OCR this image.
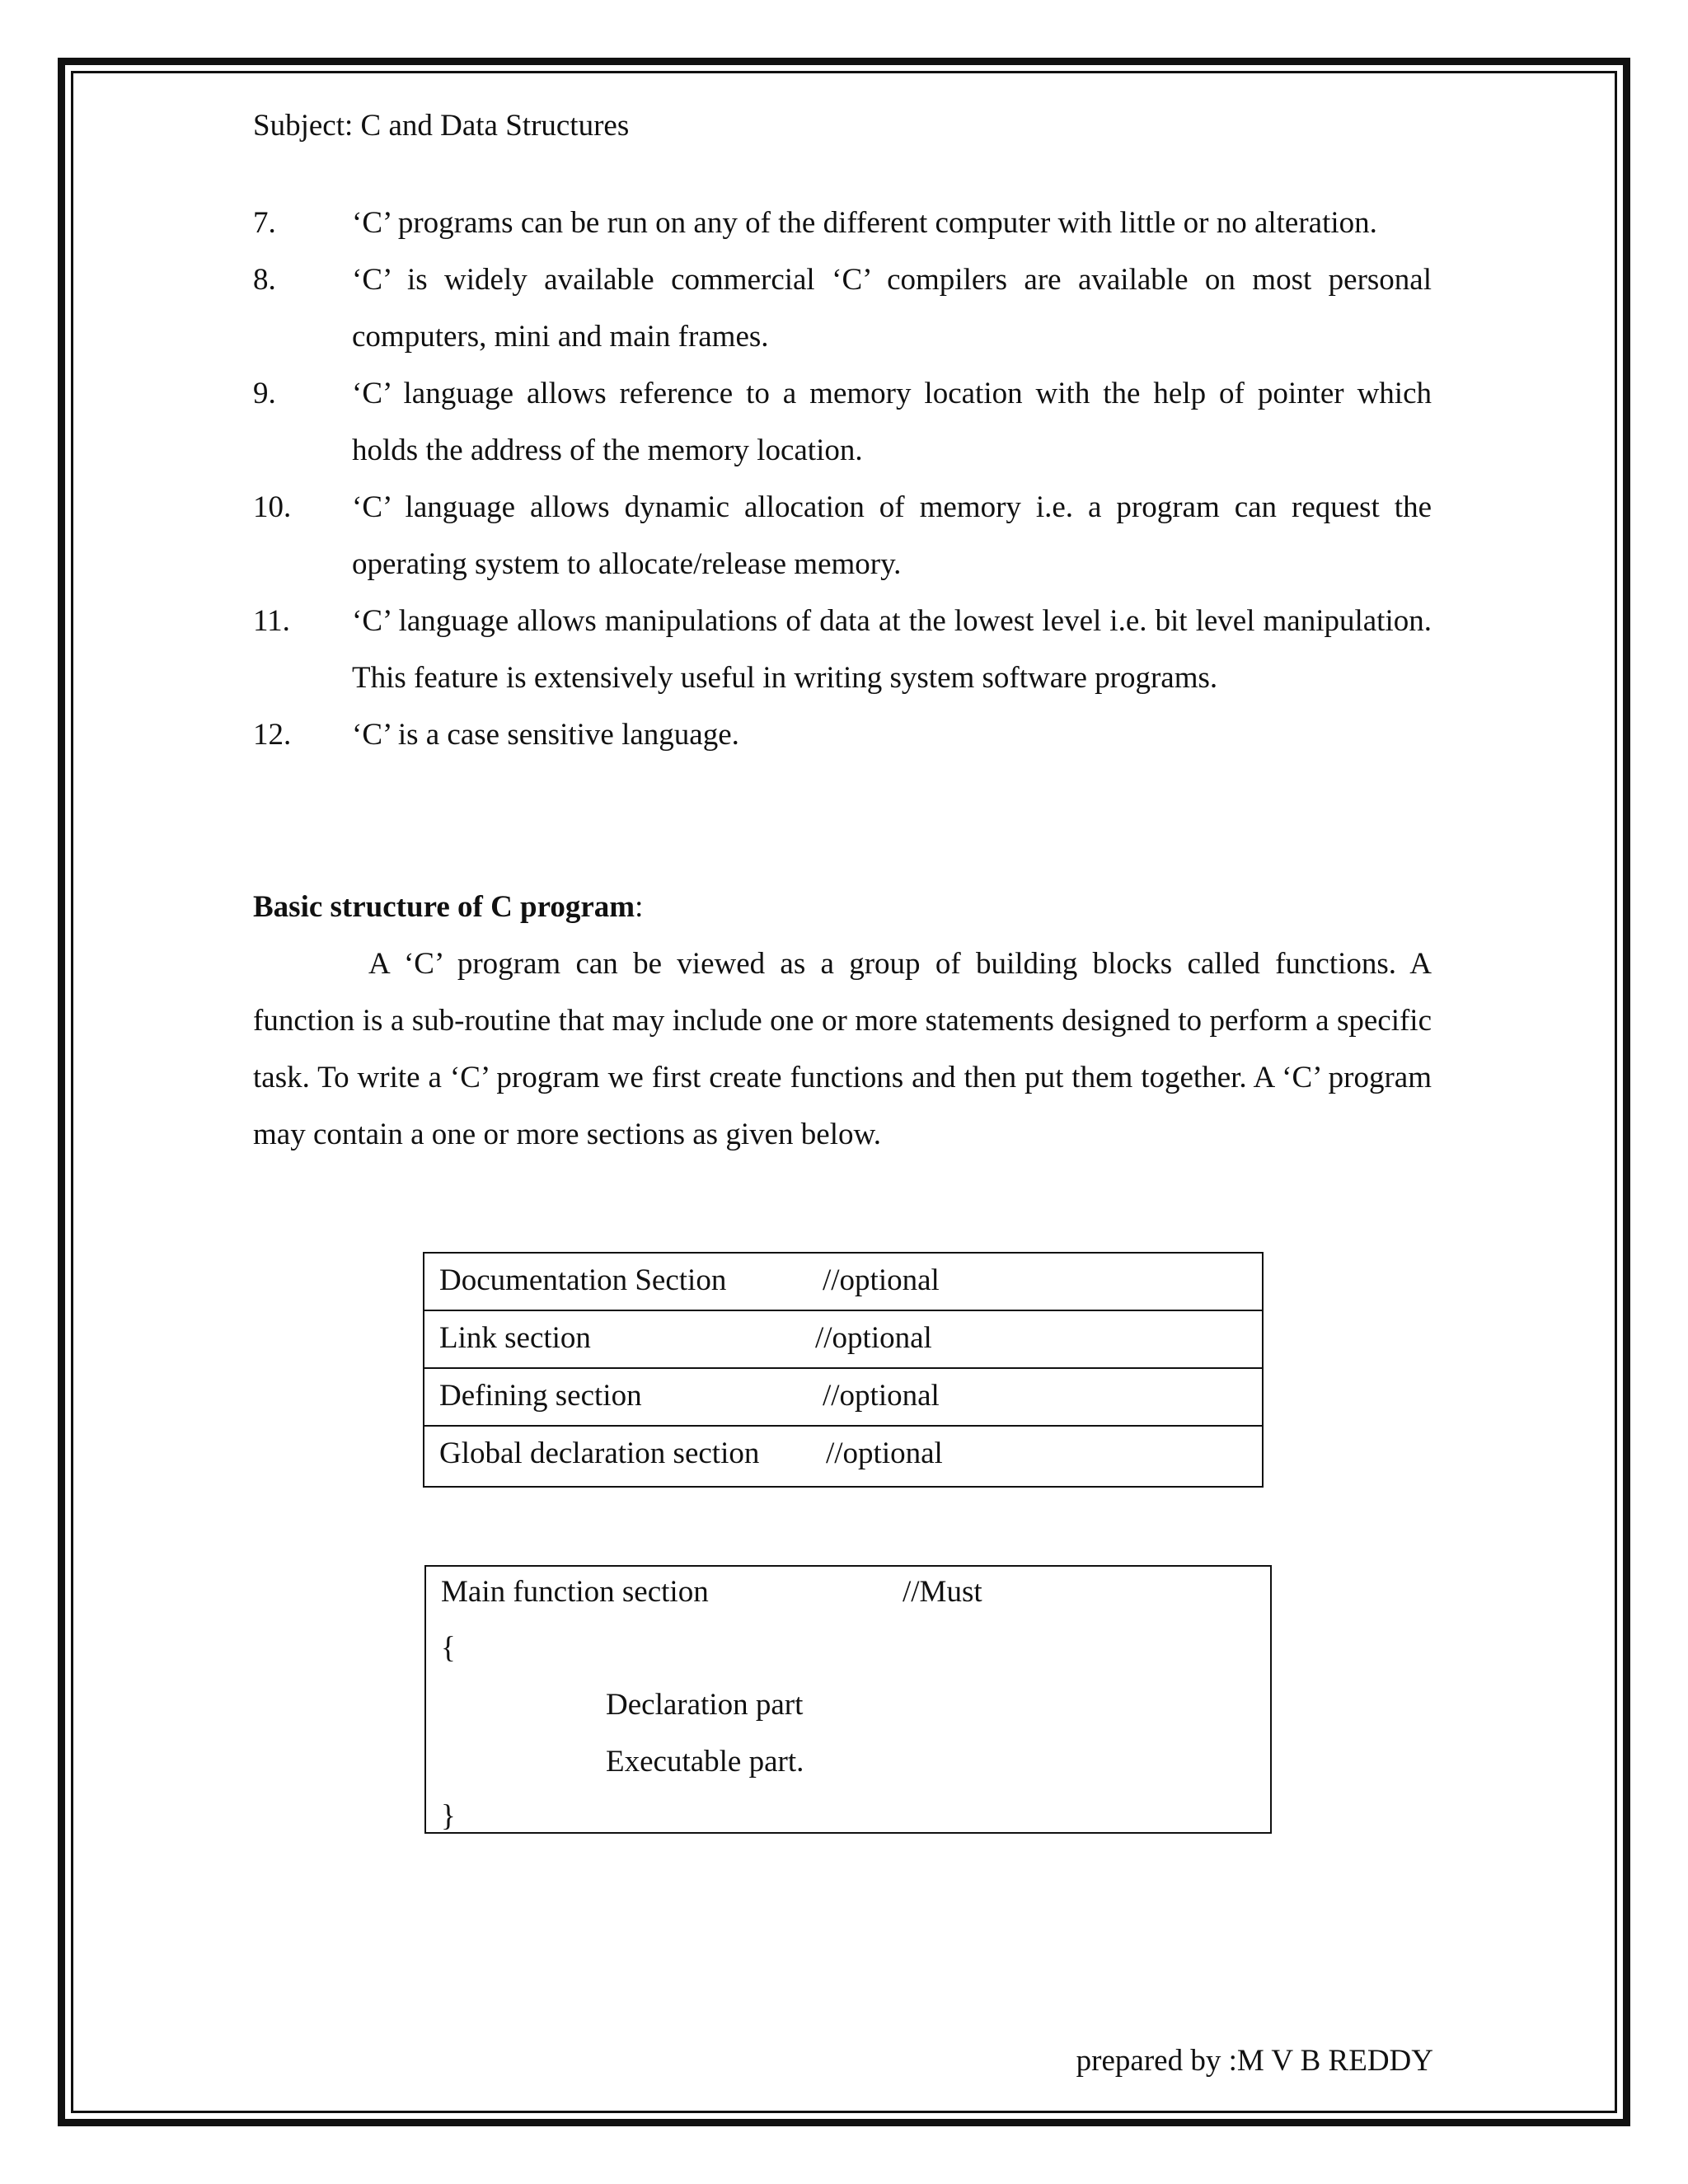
Subject: C and Data Structures
7.	‘C’ programs can be run on any of the different computer with little or no alteration.
8.	‘C’ is widely available commercial ‘C’ compilers are available on most personal computers, mini and main frames.
9.	‘C’ language allows reference to a memory location with the help of pointer which holds the address of the memory location.
10.	‘C’ language allows dynamic allocation of memory i.e. a program can request the operating system to allocate/release memory.
11.	‘C’ language allows manipulations of data at the lowest level i.e. bit level manipulation. This feature is extensively useful in writing system software programs.
12.	‘C’ is a case sensitive language.
Basic structure of C program:
A ‘C’ program can be viewed as a group of building blocks called functions. A function is a sub-routine that may include one or more statements designed to perform a specific task. To write a ‘C’ program we first create functions and then put them together. A ‘C’ program may contain a one or more sections as given below.
Documentation Section	//optional
Link section	//optional
Defining section	//optional
Global declaration section //optional
Main function section	//Must
{
Declaration part
Executable part.
}
prepared by :M V B REDDY
